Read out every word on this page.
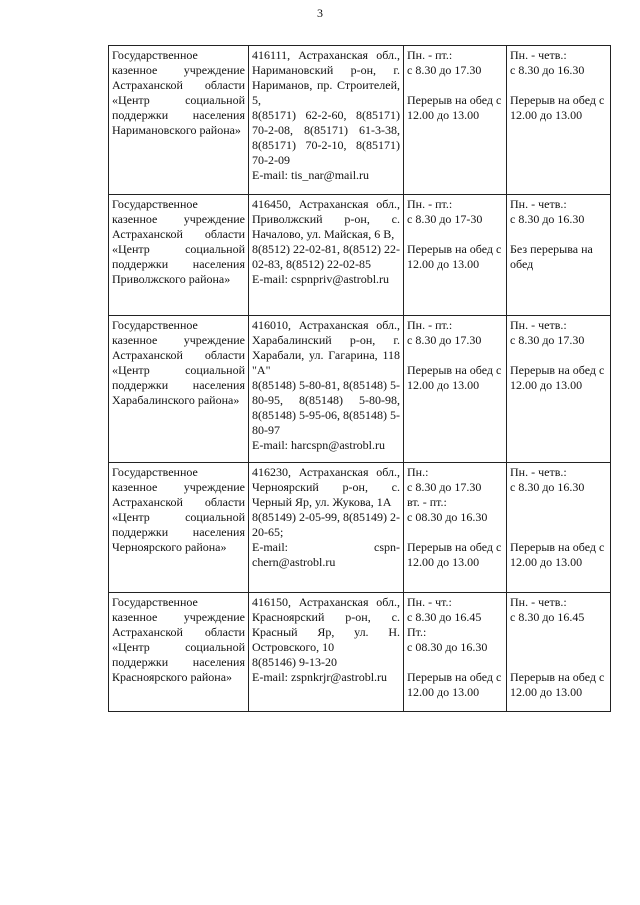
3
Государственное казенное учреждение Астраханской области «Центр социальной поддержки населения Наримановского района»	416111, Астраханская обл., Наримановский р-он, г. Нариманов, пр. Строителей, 5,
8(85171) 62-2-60, 8(85171) 70-2-08, 8(85171) 61-3-38, 8(85171) 70-2-10, 8(85171) 70-2-09
E-mail: tis_nar@mail.ru	Пн. - пт.:
с 8.30 до 17.30
Перерыв на обед с 12.00 до 13.00	Пн. - четв.:
с 8.30 до 16.30
Перерыв на обед с 12.00 до 13.00

Государственное казенное учреждение Астраханской области «Центр социальной поддержки населения Приволжского района»	416450, Астраханская обл., Приволжский р-он, с. Началово, ул. Майская, 6 В,
8(8512) 22-02-81, 8(8512) 22-02-83, 8(8512) 22-02-85
E-mail: cspnpriv@astrobl.ru	Пн. - пт.:
с 8.30 до 17-30
Перерыв на обед с 12.00 до 13.00	Пн. - четв.:
с 8.30 до 16.30
Без перерыва на обед

Государственное казенное учреждение Астраханской области «Центр социальной поддержки населения Харабалинского района»	416010, Астраханская обл., Харабалинский р-он, г. Харабали, ул. Гагарина, 118 "А"
8(85148) 5-80-81, 8(85148) 5-80-95, 8(85148) 5-80-98, 8(85148) 5-95-06, 8(85148) 5-80-97
E-mail: harcspn@astrobl.ru	Пн. - пт.:
с 8.30 до 17.30
Перерыв на обед с 12.00 до 13.00	Пн. - четв.:
с 8.30 до 17.30
Перерыв на обед с 12.00 до 13.00

Государственное казенное учреждение Астраханской области «Центр социальной поддержки населения Черноярского района»	416230, Астраханская обл., Черноярский р-он, с. Черный Яр, ул. Жукова, 1А
8(85149) 2-05-99, 8(85149) 2-20-65;
E-mail: cspn-chern@astrobl.ru	Пн.:
с 8.30 до 17.30
вт. - пт.:
с 08.30 до 16.30
Перерыв на обед с 12.00 до 13.00	Пн. - четв.:
с 8.30 до 16.30
Перерыв на обед с 12.00 до 13.00

Государственное казенное учреждение Астраханской области «Центр социальной поддержки населения Красноярского района»	416150, Астраханская обл., Красноярский р-он, с. Красный Яр, ул. Н. Островского, 10
8(85146) 9-13-20
E-mail: zspnkrjr@astrobl.ru	Пн. - чт.:
с 8.30 до 16.45
Пт.:
с 08.30 до 16.30
Перерыв на обед с 12.00 до 13.00	Пн. - четв.:
с 8.30 до 16.45
Перерыв на обед с 12.00 до 13.00
